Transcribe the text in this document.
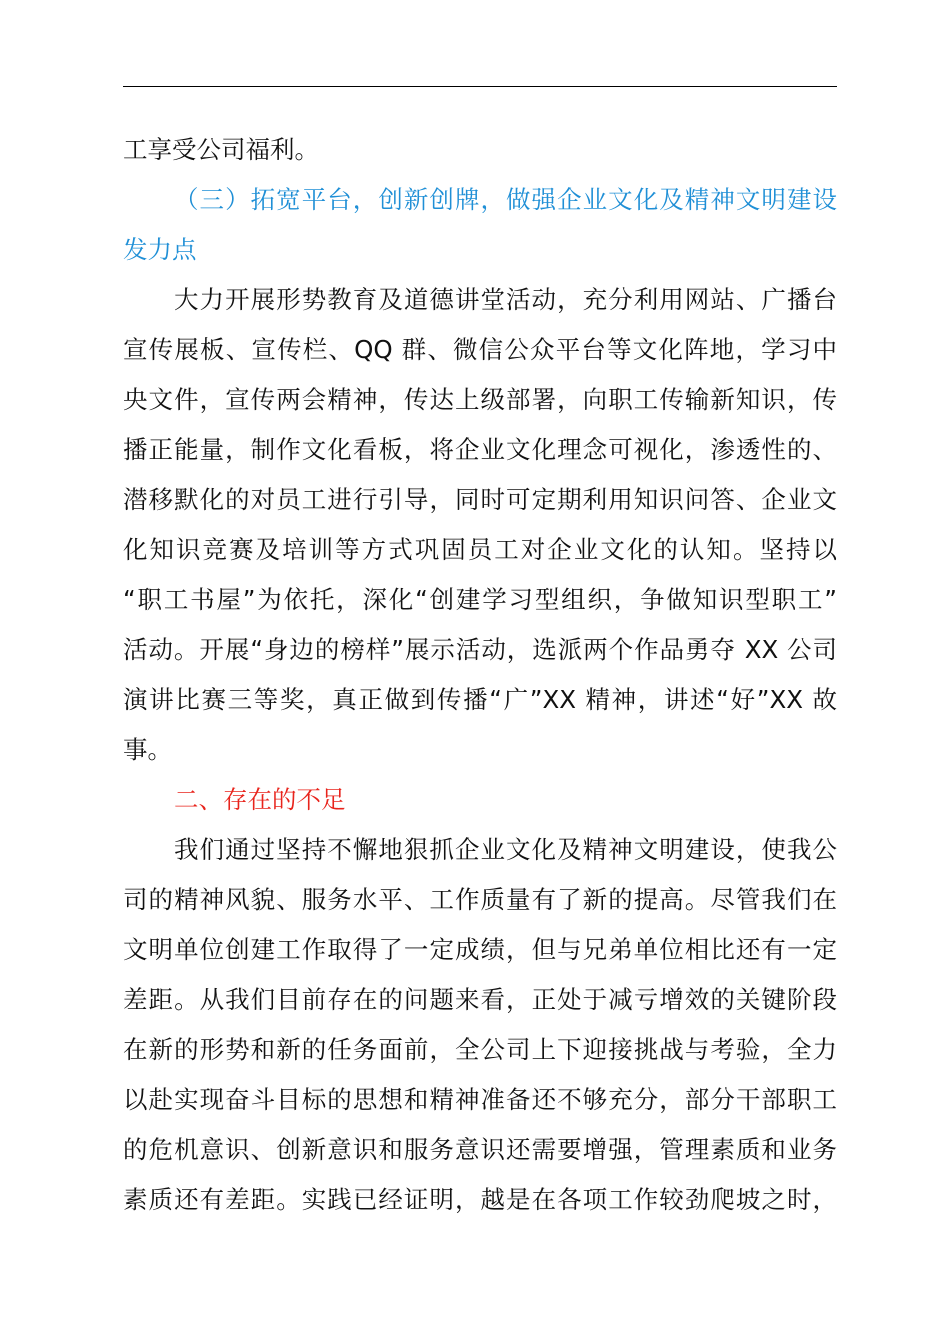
工享受公司福利。
（三）拓宽平台，创新创牌，做强企业文化及精神文明建设
发力点
大力开展形势教育及道德讲堂活动，充分利用网站、广播台
宣传展板、宣传栏、QQ 群、微信公众平台等文化阵地，学习中
央文件，宣传两会精神，传达上级部署，向职工传输新知识，传
播正能量，制作文化看板，将企业文化理念可视化，渗透性的、
潜移默化的对员工进行引导，同时可定期利用知识问答、企业文
化知识竞赛及培训等方式巩固员工对企业文化的认知。坚持以
“职工书屋”为依托，深化“创建学习型组织，争做知识型职工”
活动。开展“身边的榜样”展示活动，选派两个作品勇夺 XX 公司
演讲比赛三等奖，真正做到传播“广”XX 精神，讲述“好”XX 故
事。
二、存在的不足
我们通过坚持不懈地狠抓企业文化及精神文明建设，使我公
司的精神风貌、服务水平、工作质量有了新的提高。尽管我们在
文明单位创建工作取得了一定成绩，但与兄弟单位相比还有一定
差距。从我们目前存在的问题来看，正处于减亏增效的关键阶段
在新的形势和新的任务面前，全公司上下迎接挑战与考验，全力
以赴实现奋斗目标的思想和精神准备还不够充分，部分干部职工
的危机意识、创新意识和服务意识还需要增强，管理素质和业务
素质还有差距。实践已经证明，越是在各项工作较劲爬坡之时，
